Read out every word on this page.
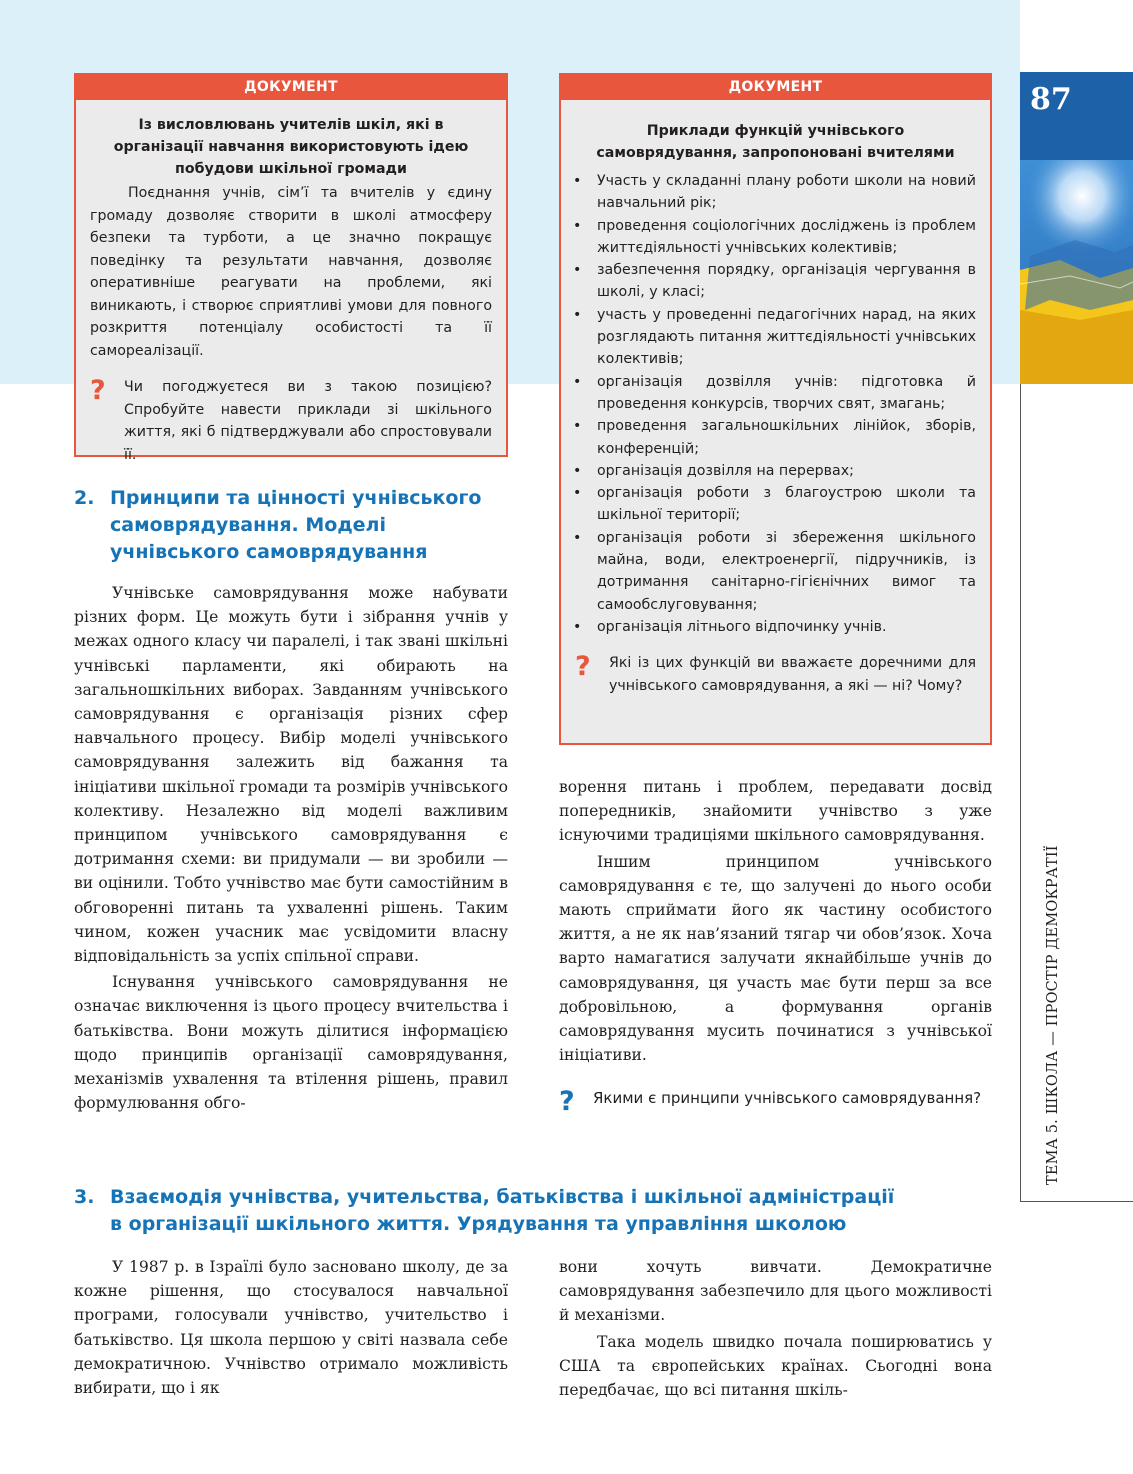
ДОКУМЕНТ

Із висловлювань учителів шкіл, які в організації навчання використовують ідею побудови шкільної громади

Поєднання учнів, сім’ї та вчителів у єдину громаду дозволяє створити в школі атмосферу безпеки та турботи, а це значно покращує поведінку та результати навчання, дозволяє оперативніше реагувати на проблеми, які виникають, і створює сприятливі умови для повного розкриття потенціалу особистості та її самореалізації.

?	Чи погоджуєтеся ви з такою позицією? Спробуйте навести приклади зі шкільного життя, які б підтверджували або спростовували її.

ДОКУМЕНТ

Приклади функцій учнівського самоврядування, запропоновані вчителями

• Участь у складанні плану роботи школи на новий навчальний рік;
• проведення соціологічних досліджень із проблем життєдіяльності учнівських колективів;
• забезпечення порядку, організація чергування в школі, у класі;
• участь у проведенні педагогічних нарад, на яких розглядають питання життєдіяльності учнівських колективів;
• організація дозвілля учнів: підготовка й проведення конкурсів, творчих свят, змагань;
• проведення загальношкільних лінійок, зборів, конференцій;
• організація дозвілля на перервах;
• організація роботи з благоустрою школи та шкільної території;
• організація роботи зі збереження шкільного майна, води, електроенергії, підручників, із дотримання санітарно-гігієнічних вимог та самообслуговування;
• організація літнього відпочинку учнів.
?	Які із цих функцій ви вважаєте доречними для учнівського самоврядування, а які — ні? Чому?

2. Принципи та цінності учнівського самоврядування. Моделі учнівського самоврядування

Учнівське самоврядування може набувати різних форм. Це можуть бути і зібрання учнів у межах одного класу чи паралелі, і так звані шкільні учнівські парламенти, які обирають на загальношкільних виборах. Завданням учнівського самоврядування є організація різних сфер навчального процесу. Вибір моделі учнівського самоврядування залежить від бажання та ініціативи шкільної громади та розмірів учнівського колективу. Незалежно від моделі важливим принципом учнівського самоврядування є дотримання схеми: ви придумали — ви зробили — ви оцінили. Тобто учнівство має бути самостійним в обговоренні питань та ухваленні рішень. Таким чином, кожен учасник має усвідомити власну відповідальність за успіх спільної справи.

Існування учнівського самоврядування не означає виключення із цього процесу вчительства і батьківства. Вони можуть ділитися інформацією щодо принципів організації самоврядування, механізмів ухвалення та втілення рішень, правил формулювання обго-

ворення питань і проблем, передавати досвід попередників, знайомити учнівство з уже існуючими традиціями шкільного самоврядування.

Іншим принципом учнівського самоврядування є те, що залучені до нього особи мають сприймати його як частину особистого життя, а не як нав’язаний тягар чи обов’язок. Хоча варто намагатися залучати якнайбільше учнів до самоврядування, ця участь має бути перш за все добровільною, а формування органів самоврядування мусить починатися з учнівської ініціативи.

?	Якими є принципи учнівського самоврядування?

3. Взаємодія учнівства, учительства, батьківства і шкільної адміністрації

в організації шкільного життя. Урядування та управління школою

У 1987 р. в Ізраїлі було засновано школу, де за кожне рішення, що стосувалося навчальної програми, голосували учнівство, учительство і батьківство. Ця школа першою у світі назвала себе демократичною. Учнівство отримало можливість вибирати, що і як

вони хочуть вивчати. Демократичне самоврядування забезпечило для цього можливості й механізми.

Така модель швидко почала поширюватись у США та європейських країнах. Сьогодні вона передбачає, що всі питання шкіль-

87
ТЕМА 5. ШКОЛА — ПРОСТІР ДЕМОКРАТІЇ
